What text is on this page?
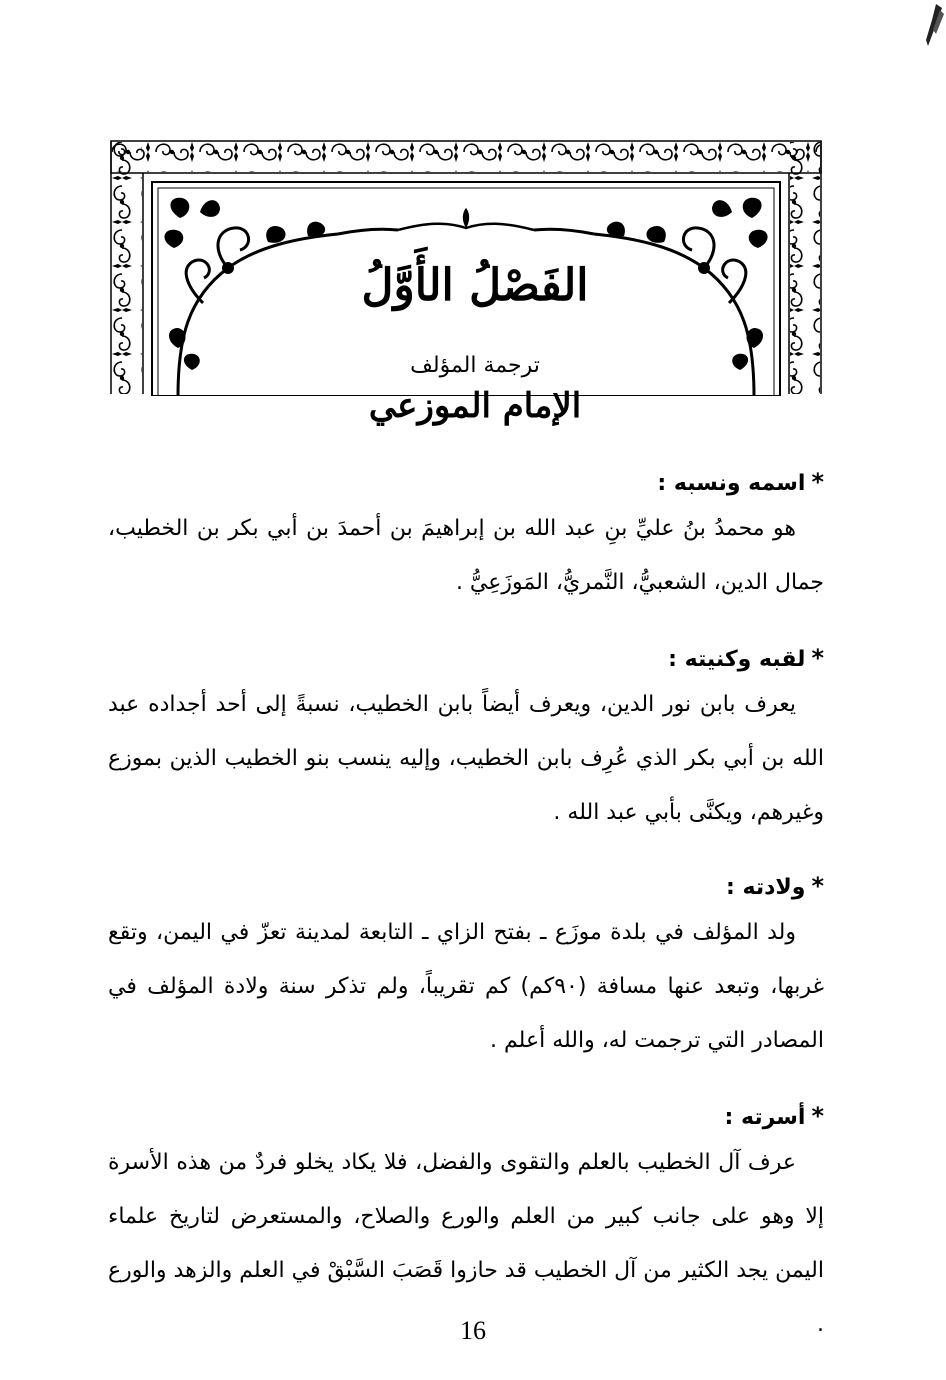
الفَصْلُ الأَوَّلُ
ترجمة المؤلف
الإمام الموزعي

*اسمه ونسبه :

هو محمدُ بنُ عليِّ بنِ عبد الله بن إبراهيمَ بن أحمدَ بن أبي بكر بن الخطيب، جمال الدين، الشعبيُّ، النَّمريُّ، المَوزَعِيُّ .

*لقبه وكنيته :

يعرف بابن نور الدين، ويعرف أيضاً بابن الخطيب، نسبةً إلى أحد أجداده عبد الله بن أبي بكر الذي عُرِف بابن الخطيب، وإليه ينسب بنو الخطيب الذين بموزع وغيرهم، ويكنَّى بأبي عبد الله .

*ولادته :

ولد المؤلف في بلدة موزَع ـ بفتح الزاي ـ التابعة لمدينة تعزّ في اليمن، وتقع غربها، وتبعد عنها مسافة (٩٠كم) كم تقريباً، ولم تذكر سنة ولادة المؤلف في المصادر التي ترجمت له، والله أعلم .

*أسرته :

عرف آل الخطيب بالعلم والتقوى والفضل، فلا يكاد يخلو فردٌ من هذه الأسرة إلا وهو على جانب كبير من العلم والورع والصلاح، والمستعرض لتاريخ علماء اليمن يجد الكثير من آل الخطيب قد حازوا قَصَبَ السَّبْقْ في العلم والزهد والورع .

16
